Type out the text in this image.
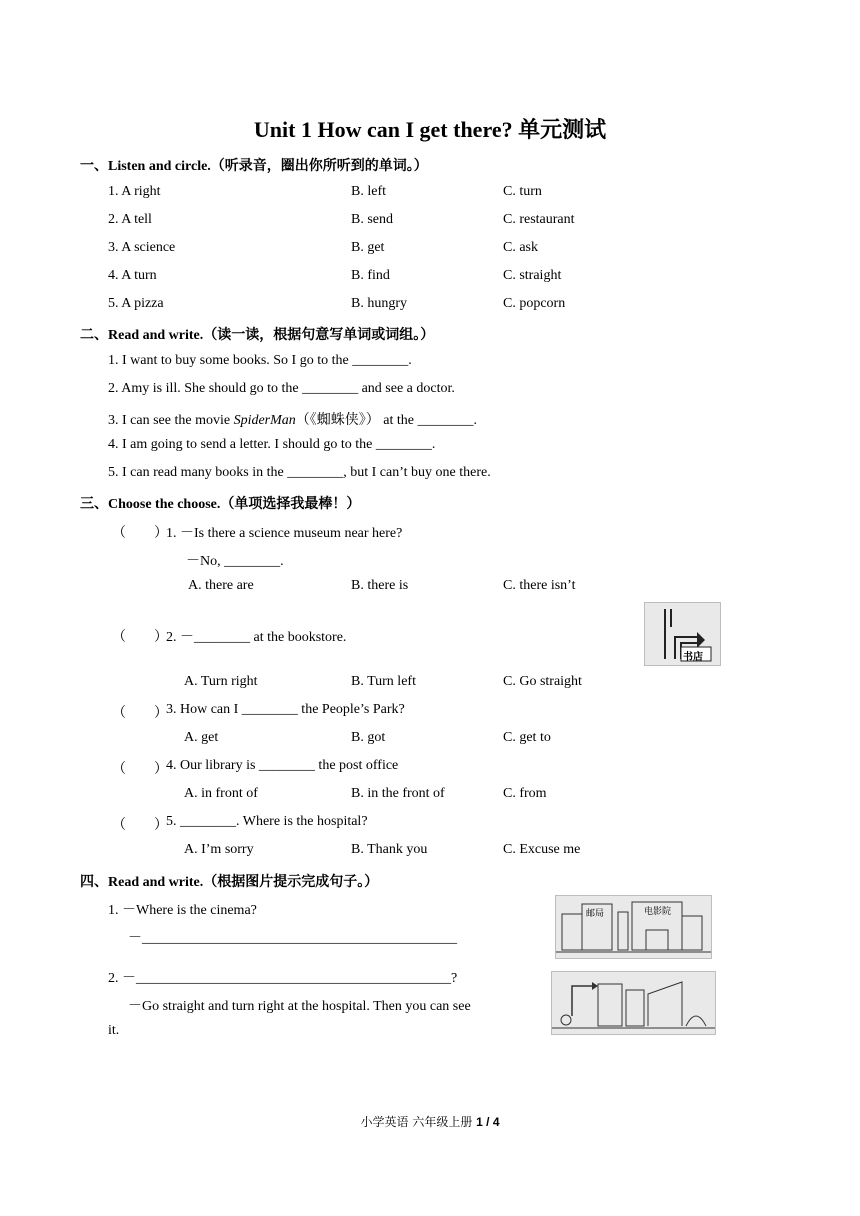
Unit 1 How can I get there? 单元测试
一、Listen and circle.（听录音，圈出你所听到的单词。）
1. A right	B. left	C. turn
2. A tell	B. send	C. restaurant
3. A science	B. get	C. ask
4. A turn	B. find	C. straight
5. A pizza	B. hungry	C. popcorn
二、Read and write.（读一读，根据句意写单词或词组。）
1. I want to buy some books. So I go to the ________.
2. Amy is ill. She should go to the ________ and see a doctor.
3. I can see the movie SpiderMan（《蜘蛛侠》） at the ________.
4. I am going to send a letter. I should go to the ________.
5. I can read many books in the ________, but I can’t buy one there.
三、Choose the choose.（单项选择我最棒！）
（　　）
1. －Is there a science museum near here?
－No, ________.
A. there are	B. there is	C. there isn’t
（　　）
2. －________ at the bookstore.
书店
A. Turn right	B. Turn left	C. Go straight
（　　）
3. How can I ________ the People’s Park?
A. get	B. got	C. get to
（　　）
4. Our library is ________ the post office
A. in front of	B. in the front of	C. from
（　　）
5. ________. Where is the hospital?
A. I’m sorry	B. Thank you	C. Excuse me
四、Read and write.（根据图片提示完成句子。）
1. －Where is the cinema?
－_____________________________________________
邮局	电影院
2. －_____________________________________________?
－Go straight and turn right at the hospital. Then you can see
it.
小学英语 六年级上册 1 / 4
